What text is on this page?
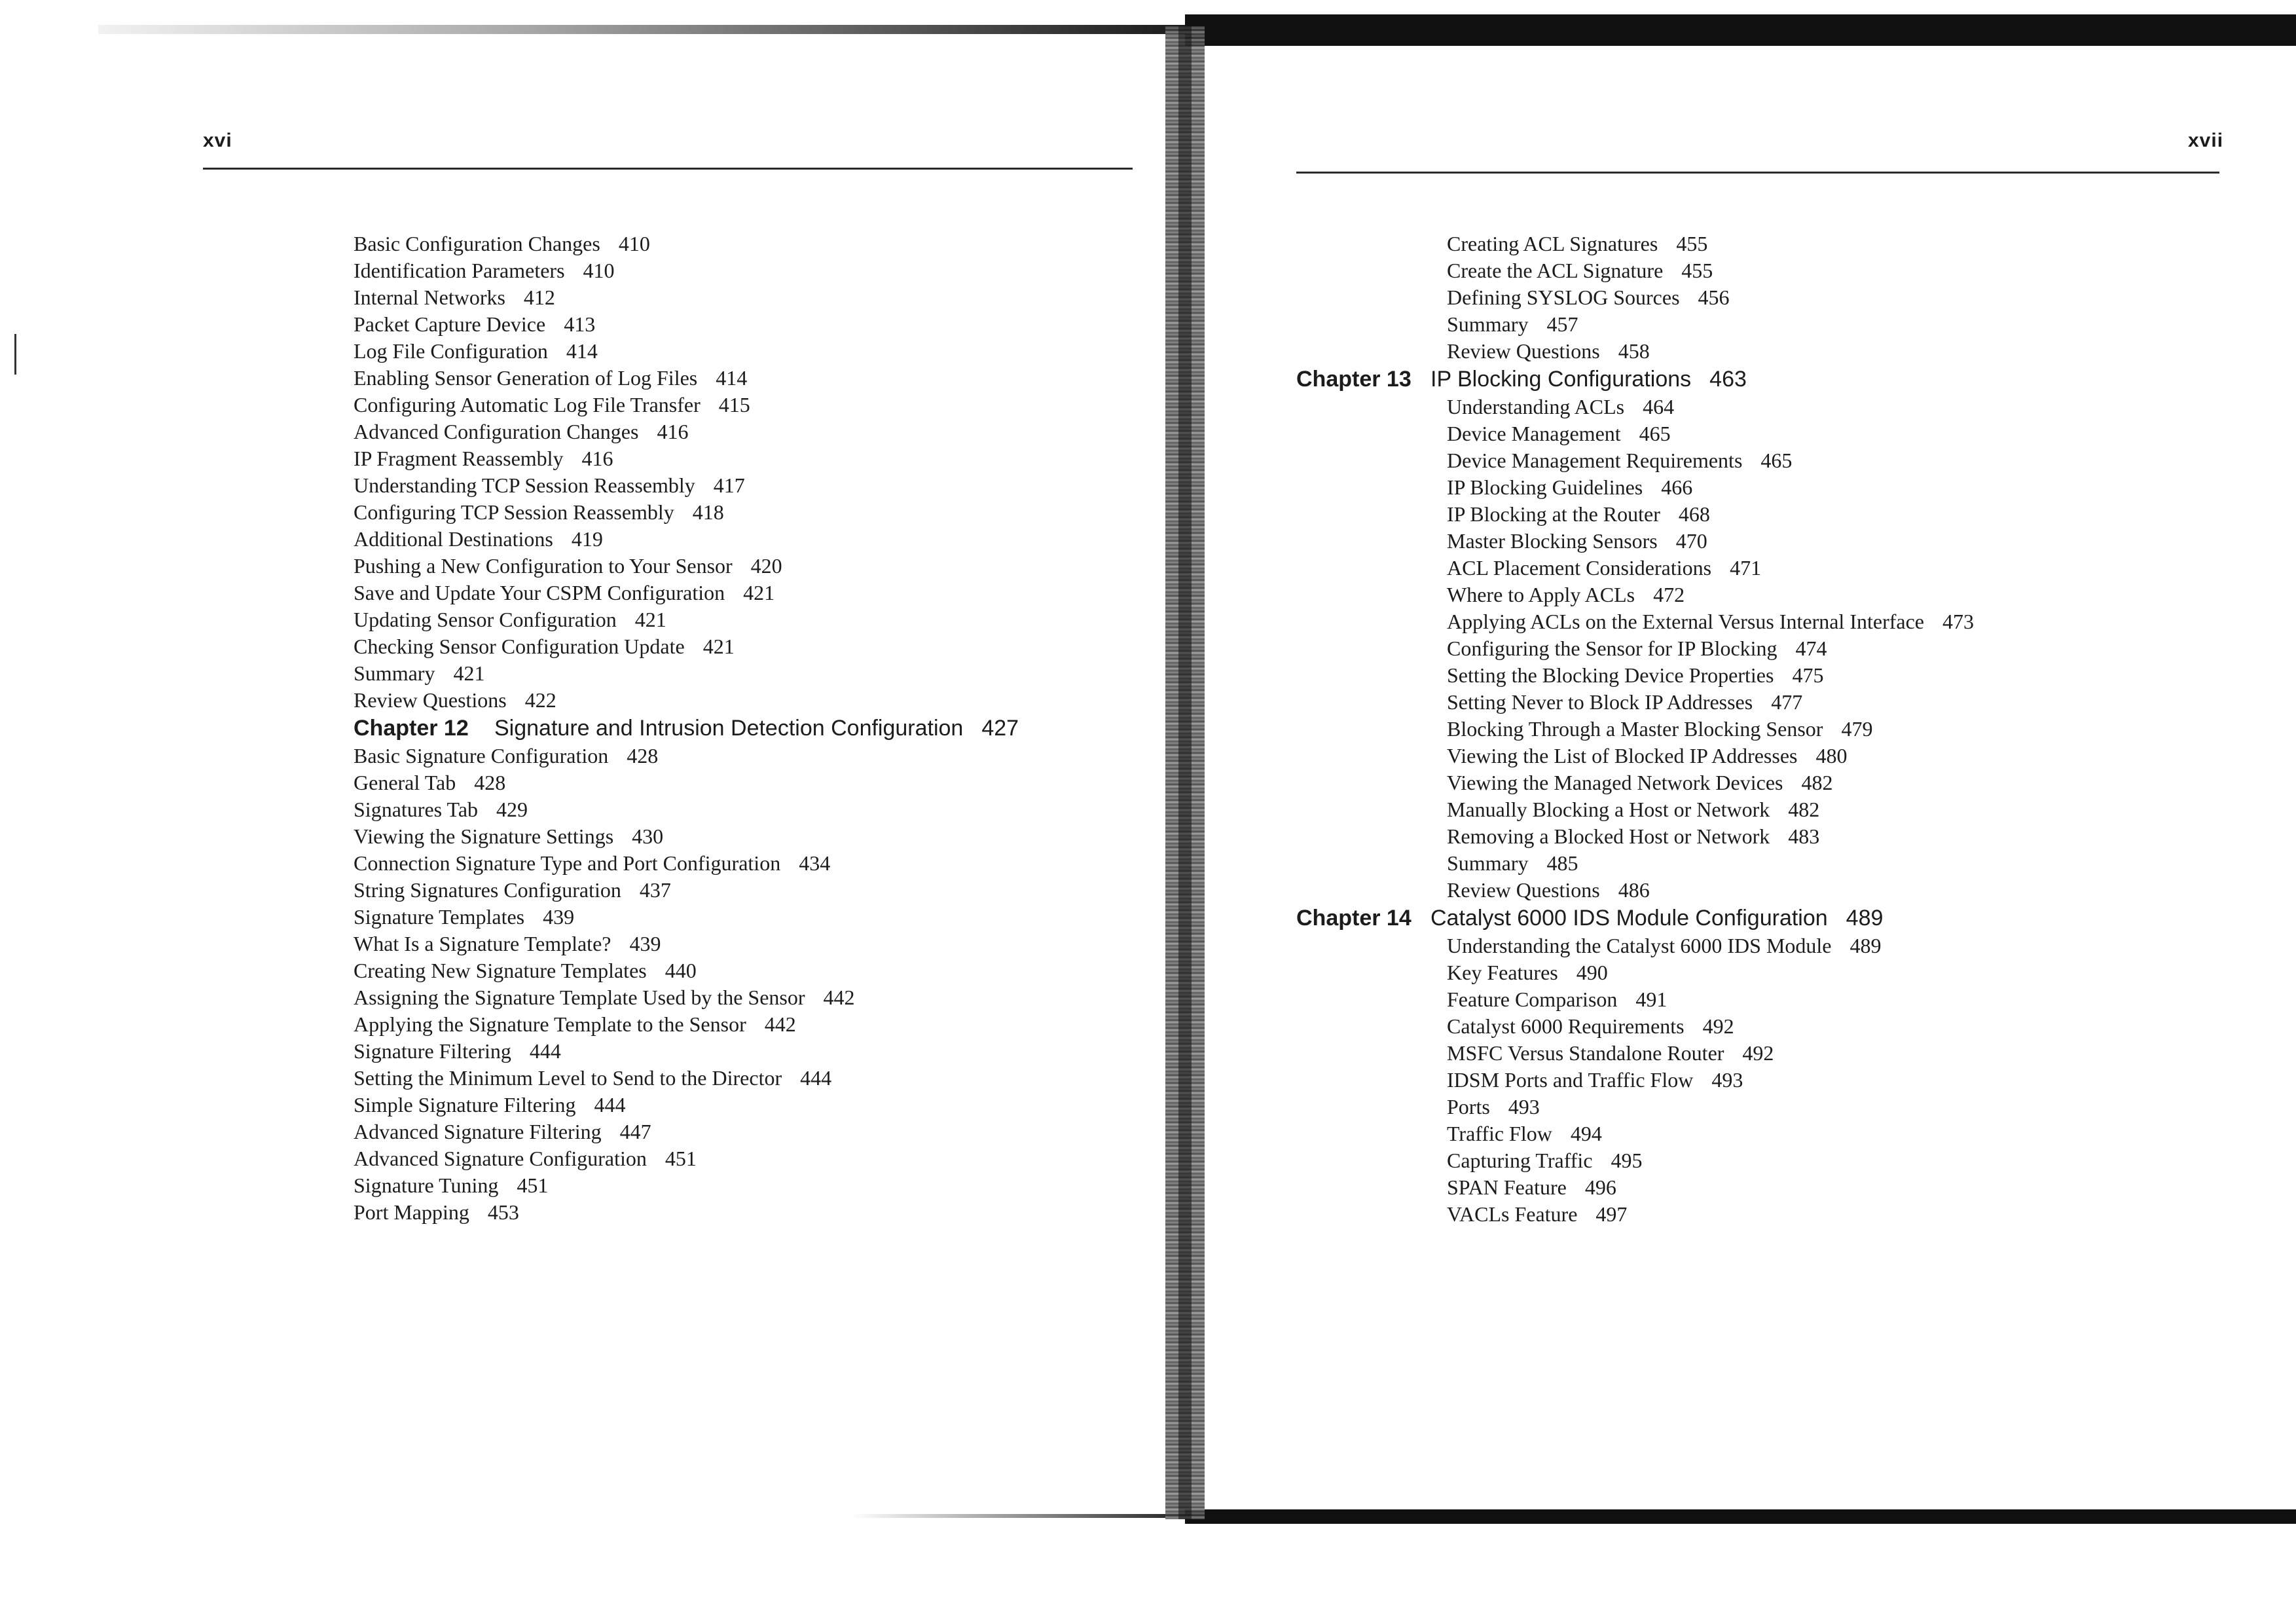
xvi
Basic Configuration Changes 410
Identification Parameters 410
Internal Networks 412
Packet Capture Device 413
Log File Configuration 414
Enabling Sensor Generation of Log Files 414
Configuring Automatic Log File Transfer 415
Advanced Configuration Changes 416
IP Fragment Reassembly 416
Understanding TCP Session Reassembly 417
Configuring TCP Session Reassembly 418
Additional Destinations 419
Pushing a New Configuration to Your Sensor 420
Save and Update Your CSPM Configuration 421
Updating Sensor Configuration 421
Checking Sensor Configuration Update 421
Summary 421
Review Questions 422
Chapter 12 Signature and Intrusion Detection Configuration 427
Basic Signature Configuration 428
General Tab 428
Signatures Tab 429
Viewing the Signature Settings 430
Connection Signature Type and Port Configuration 434
String Signatures Configuration 437
Signature Templates 439
What Is a Signature Template? 439
Creating New Signature Templates 440
Assigning the Signature Template Used by the Sensor 442
Applying the Signature Template to the Sensor 442
Signature Filtering 444
Setting the Minimum Level to Send to the Director 444
Simple Signature Filtering 444
Advanced Signature Filtering 447
Advanced Signature Configuration 451
Signature Tuning 451
Port Mapping 453
xvii
Creating ACL Signatures 455
Create the ACL Signature 455
Defining SYSLOG Sources 456
Summary 457
Review Questions 458
Chapter 13 IP Blocking Configurations 463
Understanding ACLs 464
Device Management 465
Device Management Requirements 465
IP Blocking Guidelines 466
IP Blocking at the Router 468
Master Blocking Sensors 470
ACL Placement Considerations 471
Where to Apply ACLs 472
Applying ACLs on the External Versus Internal Interface 473
Configuring the Sensor for IP Blocking 474
Setting the Blocking Device Properties 475
Setting Never to Block IP Addresses 477
Blocking Through a Master Blocking Sensor 479
Viewing the List of Blocked IP Addresses 480
Viewing the Managed Network Devices 482
Manually Blocking a Host or Network 482
Removing a Blocked Host or Network 483
Summary 485
Review Questions 486
Chapter 14 Catalyst 6000 IDS Module Configuration 489
Understanding the Catalyst 6000 IDS Module 489
Key Features 490
Feature Comparison 491
Catalyst 6000 Requirements 492
MSFC Versus Standalone Router 492
IDSM Ports and Traffic Flow 493
Ports 493
Traffic Flow 494
Capturing Traffic 495
SPAN Feature 496
VACLs Feature 497
